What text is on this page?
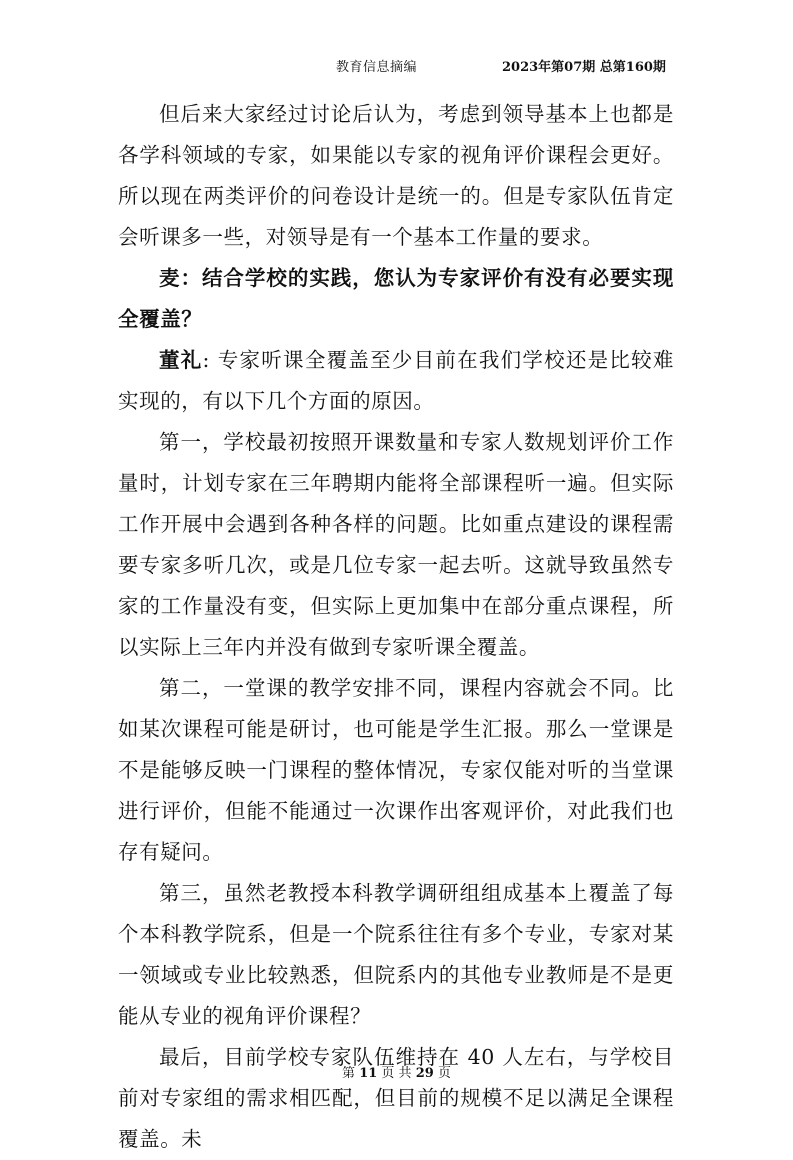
教育信息摘编	2023年第07期 总第160期

但后来大家经过讨论后认为，考虑到领导基本上也都是各学科领域的专家，如果能以专家的视角评价课程会更好。所以现在两类评价的问卷设计是统一的。但是专家队伍肯定会听课多一些，对领导是有一个基本工作量的要求。

麦：结合学校的实践，您认为专家评价有没有必要实现全覆盖？

董礼: 专家听课全覆盖至少目前在我们学校还是比较难实现的，有以下几个方面的原因。

第一，学校最初按照开课数量和专家人数规划评价工作量时，计划专家在三年聘期内能将全部课程听一遍。但实际工作开展中会遇到各种各样的问题。比如重点建设的课程需要专家多听几次，或是几位专家一起去听。这就导致虽然专家的工作量没有变，但实际上更加集中在部分重点课程，所以实际上三年内并没有做到专家听课全覆盖。

第二，一堂课的教学安排不同，课程内容就会不同。比如某次课程可能是研讨，也可能是学生汇报。那么一堂课是不是能够反映一门课程的整体情况，专家仅能对听的当堂课进行评价，但能不能通过一次课作出客观评价，对此我们也存有疑问。

第三，虽然老教授本科教学调研组组成基本上覆盖了每个本科教学院系，但是一个院系往往有多个专业，专家对某一领域或专业比较熟悉，但院系内的其他专业教师是不是更能从专业的视角评价课程？

最后，目前学校专家队伍维持在 40 人左右，与学校目前对专家组的需求相匹配，但目前的规模不足以满足全课程覆盖。未

第 11 页 共 29 页
